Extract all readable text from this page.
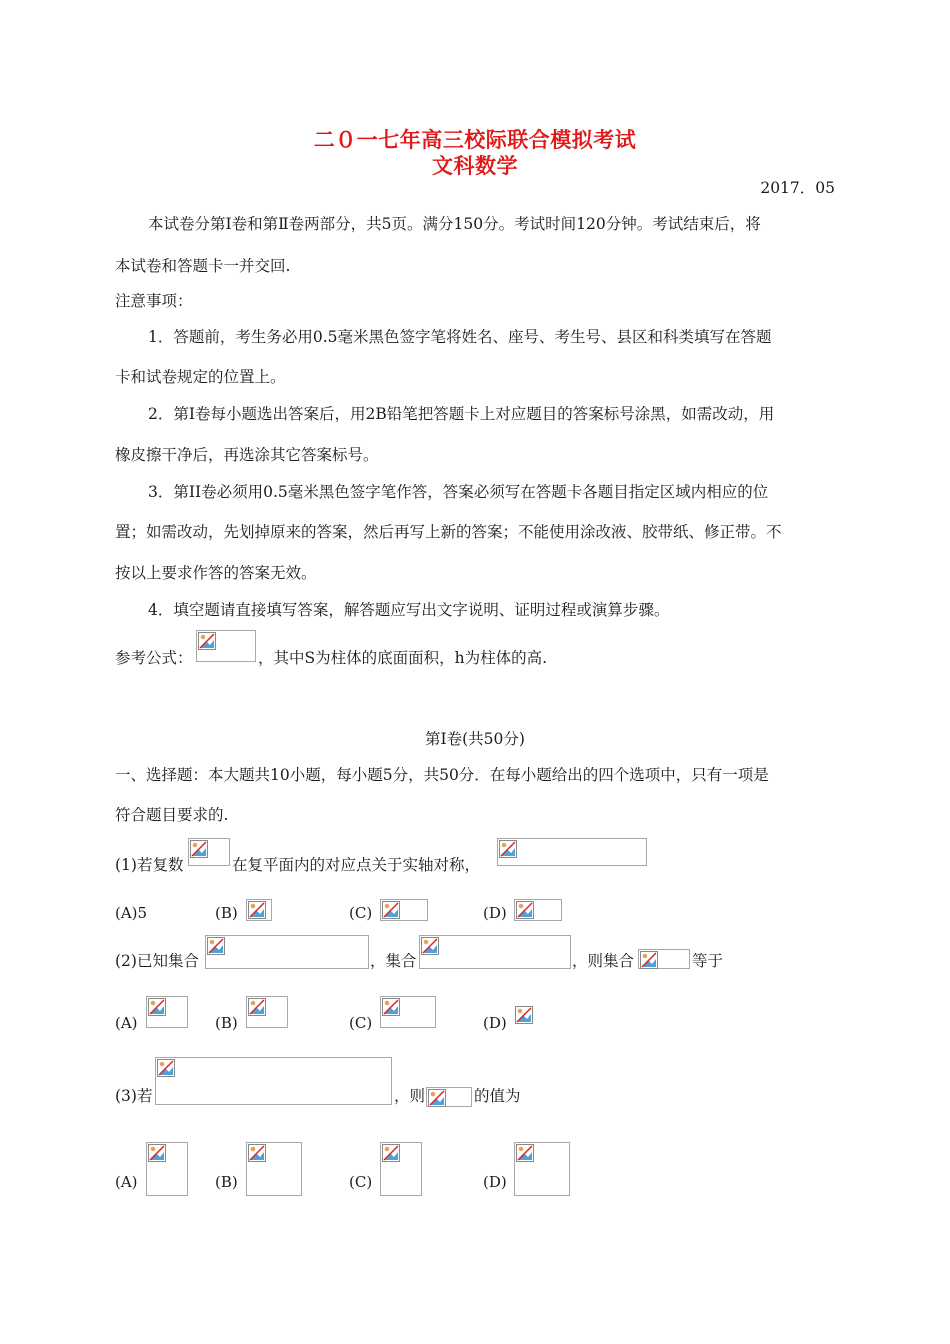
二０一七年高三校际联合模拟考试
文科数学
2017．05
本试卷分第Ⅰ卷和第Ⅱ卷两部分，共5页。满分150分。考试时间120分钟。考试结束后，将
本试卷和答题卡一并交回.
注意事项：
1．答题前，考生务必用0.5毫米黑色签字笔将姓名、座号、考生号、县区和科类填写在答题
卡和试卷规定的位置上。
2．第Ⅰ卷每小题选出答案后，用2B铅笔把答题卡上对应题目的答案标号涂黑，如需改动，用
橡皮擦干净后，再选涂其它答案标号。
3．第II卷必须用0.5毫米黑色签字笔作答，答案必须写在答题卡各题目指定区域内相应的位
置；如需改动，先划掉原来的答案，然后再写上新的答案；不能使用涂改液、胶带纸、修正带。不
按以上要求作答的答案无效。
4．填空题请直接填写答案，解答题应写出文字说明、证明过程或演算步骤。
参考公式：	，其中S为柱体的底面面积，h为柱体的高.
第Ⅰ卷(共50分)
一、选择题：本大题共10小题，每小题5分，共50分．在每小题给出的四个选项中，只有一项是
符合题目要求的.
(1)若复数	在复平面内的对应点关于实轴对称，
(A)5	(B)	(C)	(D)
(2)已知集合	，集合	，则集合	等于
(A)	(B)	(C)	(D)
(3)若	，则	的值为
(A)	(B)	(C)	(D)
